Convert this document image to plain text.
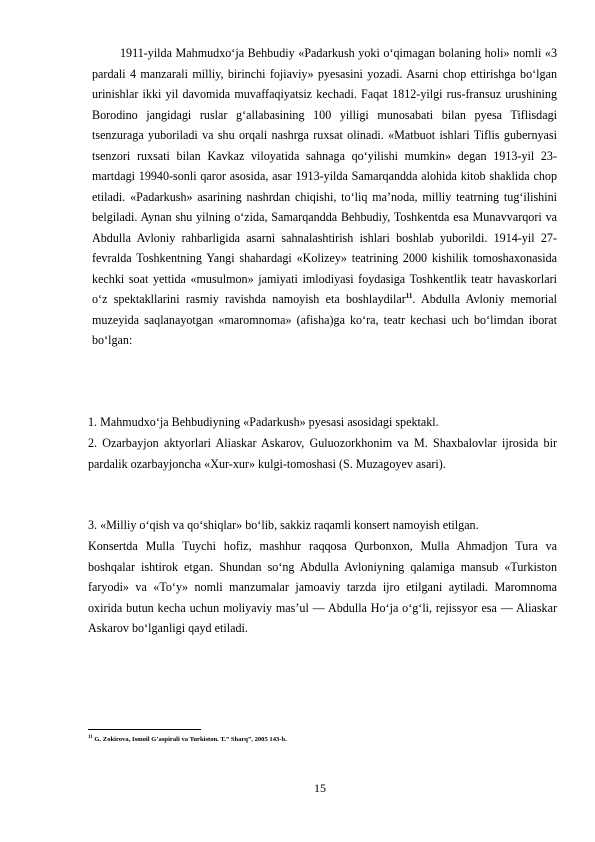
1911-yilda Mahmudxoʻja Behbudiy «Padarkush yoki oʻqimagan bolaning holi» nomli «3 pardali 4 manzarali milliy, birinchi fojiaviy» pyesasini yozadi. Asarni chop ettirishga boʻlgan urinishlar ikki yil davomida muvaffaqiyatsiz kechadi. Faqat 1812-yilgi rus-fransuz urushining Borodino jangidagi ruslar gʻallabasining 100 yilligi munosabati bilan pyesa Tiflisdagi tsenzuraga yuboriladi va shu orqali nashrga ruxsat olinadi. «Matbuot ishlari Tiflis gubernyasi tsenzori ruxsati bilan Kavkaz viloyatida sahnaga qoʻyilishi mumkin» degan 1913-yil 23-martdagi 19940-sonli qaror asosida, asar 1913-yilda Samarqandda alohida kitob shaklida chop etiladi. «Padarkush» asarining nashrdan chiqishi, toʻliq ma’noda, milliy teatrning tugʻilishini belgiladi. Aynan shu yilning oʻzida, Samarqandda Behbudiy, Toshkentda esa Munavvarqori va Abdulla Avloniy rahbarligida asarni sahnalashtirish ishlari boshlab yuborildi. 1914-yil 27-fevralda Toshkentning Yangi shahardagi «Kolizey» teatrining 2000 kishilik tomoshaxonasida kechki soat yettida «musulmon» jamiyati imlodiyasi foydasiga Toshkentlik teatr havaskorlari oʻz spektakllarini rasmiy ravishda namoyish eta boshlaydilar$^{11}$. Abdulla Avloniy memorial muzeyida saqlanayotgan «maromnoma» (afisha)ga koʻra, teatr kechasi uch boʻlimdan iborat boʻlgan:

1. Mahmudxoʻja Behbudiyning «Padarkush» pyesasi asosidagi spektakl.

2. Ozarbayjon aktyorlari Aliaskar Askarov, Guluozorkhonim va M. Shaxbalovlar ijrosida bir pardalik ozarbayjoncha «Xur-xur» kulgi-tomoshasi (S. Muzagoyev asari).

3. «Milliy oʻqish va qoʻshiqlar» boʻlib, sakkiz raqamli konsert namoyish etilgan.

Konsertda Mulla Tuychi hofiz, mashhur raqqosa Qurbonxon, Mulla Ahmadjon Tura va boshqalar ishtirok etgan. Shundan soʻng Abdulla Avloniyning qalamiga mansub «Turkiston faryodi» va «Toʻy» nomli manzumalar jamoaviy tarzda ijro etilgani aytiladi. Maromnoma oxirida butun kecha uchun moliyaviy mas’ul — Abdulla Hoʻja oʻgʻli, rejissyor esa — Aliaskar Askarov boʻlganligi qayd etiladi.

$^{11}$ G. Zokirova, Ismoil G’aspirali va Turkiston. T.” Sharq”, 2005 143-b.
15
